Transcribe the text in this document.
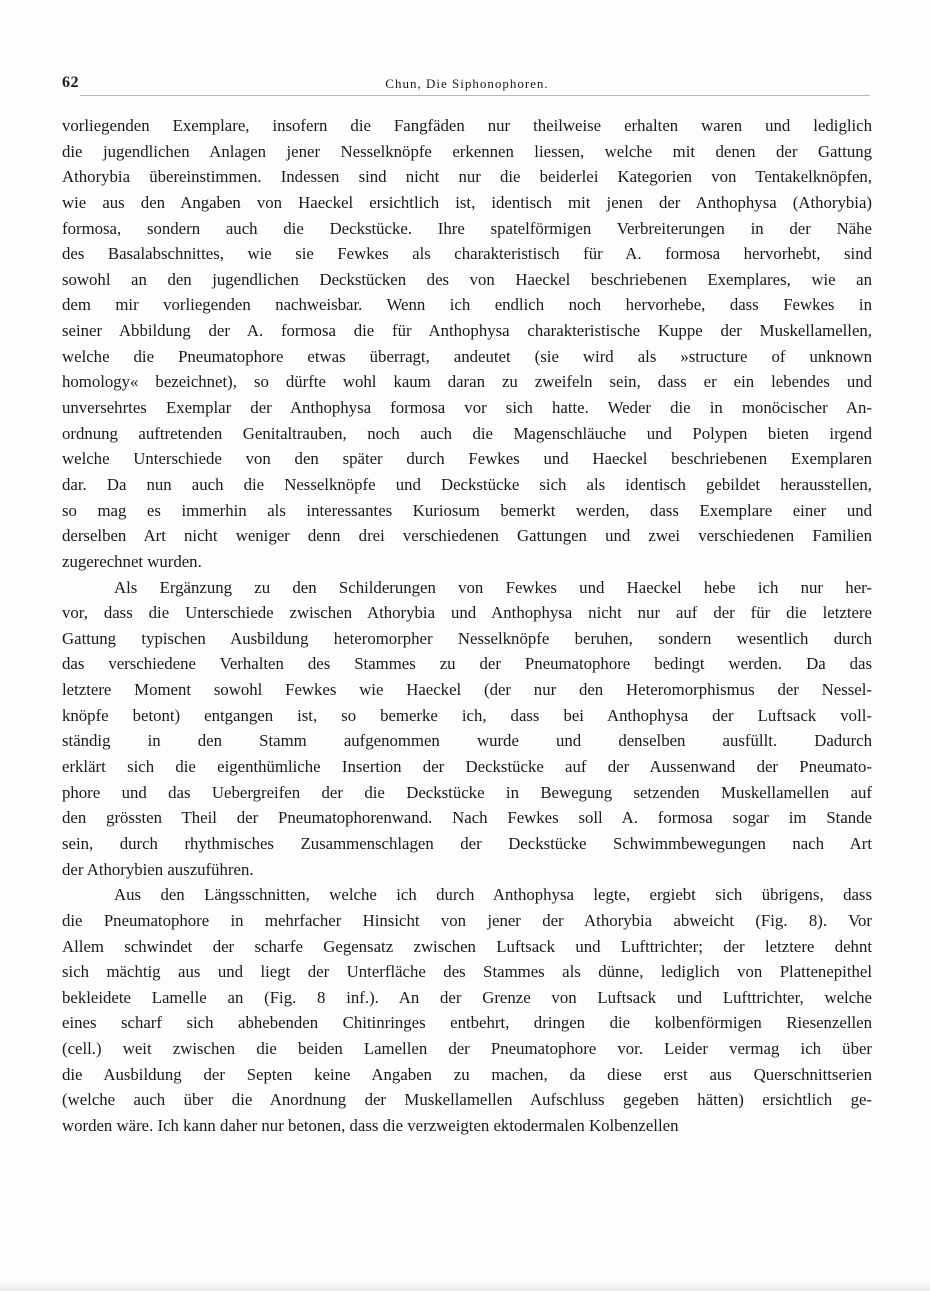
62	Chun, Die Siphonophoren.

vorliegenden Exemplare, insofern die Fangfäden nur theilweise erhalten waren und lediglich
die jugendlichen Anlagen jener Nesselknöpfe erkennen liessen, welche mit denen der Gattung
Athorybia übereinstimmen. Indessen sind nicht nur die beiderlei Kategorien von Tentakelknöpfen,
wie aus den Angaben von Haeckel ersichtlich ist, identisch mit jenen der Anthophysa (Athorybia)
formosa, sondern auch die Deckstücke. Ihre spatelförmigen Verbreiterungen in der Nähe
des Basalabschnittes, wie sie Fewkes als charakteristisch für A. formosa hervorhebt, sind
sowohl an den jugendlichen Deckstücken des von Haeckel beschriebenen Exemplares, wie an
dem mir vorliegenden nachweisbar. Wenn ich endlich noch hervorhebe, dass Fewkes in
seiner Abbildung der A. formosa die für Anthophysa charakteristische Kuppe der Muskellamellen,
welche die Pneumatophore etwas überragt, andeutet (sie wird als »structure of unknown
homology« bezeichnet), so dürfte wohl kaum daran zu zweifeln sein, dass er ein lebendes und
unversehrtes Exemplar der Anthophysa formosa vor sich hatte. Weder die in monöcischer An-
ordnung auftretenden Genitaltrauben, noch auch die Magenschläuche und Polypen bieten irgend
welche Unterschiede von den später durch Fewkes und Haeckel beschriebenen Exemplaren
dar. Da nun auch die Nesselknöpfe und Deckstücke sich als identisch gebildet herausstellen,
so mag es immerhin als interessantes Kuriosum bemerkt werden, dass Exemplare einer und
derselben Art nicht weniger denn drei verschiedenen Gattungen und zwei verschiedenen Familien
zugerechnet wurden.

Als Ergänzung zu den Schilderungen von Fewkes und Haeckel hebe ich nur her-
vor, dass die Unterschiede zwischen Athorybia und Anthophysa nicht nur auf der für die letztere
Gattung typischen Ausbildung heteromorpher Nesselknöpfe beruhen, sondern wesentlich durch
das verschiedene Verhalten des Stammes zu der Pneumatophore bedingt werden. Da das
letztere Moment sowohl Fewkes wie Haeckel (der nur den Heteromorphismus der Nessel-
knöpfe betont) entgangen ist, so bemerke ich, dass bei Anthophysa der Luftsack voll-
ständig in den Stamm aufgenommen wurde und denselben ausfüllt. Dadurch
erklärt sich die eigenthümliche Insertion der Deckstücke auf der Aussenwand der Pneumato-
phore und das Uebergreifen der die Deckstücke in Bewegung setzenden Muskellamellen auf
den grössten Theil der Pneumatophorenwand. Nach Fewkes soll A. formosa sogar im Stande
sein, durch rhythmisches Zusammenschlagen der Deckstücke Schwimmbewegungen nach Art
der Athorybien auszuführen.

Aus den Längsschnitten, welche ich durch Anthophysa legte, ergiebt sich übrigens, dass
die Pneumatophore in mehrfacher Hinsicht von jener der Athorybia abweicht (Fig. 8). Vor
Allem schwindet der scharfe Gegensatz zwischen Luftsack und Lufttrichter; der letztere dehnt
sich mächtig aus und liegt der Unterfläche des Stammes als dünne, lediglich von Plattenepithel
bekleidete Lamelle an (Fig. 8 inf.). An der Grenze von Luftsack und Lufttrichter, welche
eines scharf sich abhebenden Chitinringes entbehrt, dringen die kolbenförmigen Riesenzellen
(cell.) weit zwischen die beiden Lamellen der Pneumatophore vor. Leider vermag ich über
die Ausbildung der Septen keine Angaben zu machen, da diese erst aus Querschnittserien
(welche auch über die Anordnung der Muskellamellen Aufschluss gegeben hätten) ersichtlich ge-
worden wäre. Ich kann daher nur betonen, dass die verzweigten ektodermalen Kolbenzellen
